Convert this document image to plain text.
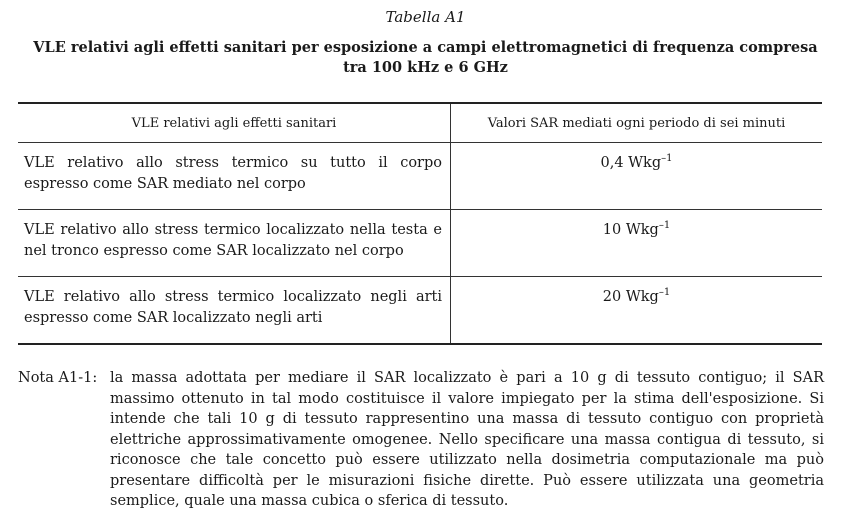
Tabella A1
VLE relativi agli effetti sanitari per esposizione a campi elettromagnetici di frequenza compresa tra 100 kHz e 6 GHz
VLE relativi agli effetti sanitari	Valori SAR mediati ogni periodo di sei minuti
VLE relativo allo stress termico su tutto il corpo espresso come SAR mediato nel corpo	0,4 Wkg$^{-1}$
VLE relativo allo stress termico localizzato nella testa e nel tronco espresso come SAR localizzato nel corpo	10 Wkg$^{-1}$
VLE relativo allo stress termico localizzato negli arti espresso come SAR localizzato negli arti	20 Wkg$^{-1}$
Nota A1-1: la massa adottata per mediare il SAR localizzato è pari a 10 g di tessuto contiguo; il SAR massimo ottenuto in tal modo costituisce il valore impiegato per la stima dell'esposizione. Si intende che tali 10 g di tessuto rappresentino una massa di tessuto contiguo con proprietà elettriche approssimativamente omogenee. Nello specificare una massa contigua di tessuto, si riconosce che tale concetto può essere utilizzato nella dosimetria computazionale ma può presentare difficoltà per le misurazioni fisiche dirette. Può essere utilizzata una geometria semplice, quale una massa cubica o sferica di tessuto.
